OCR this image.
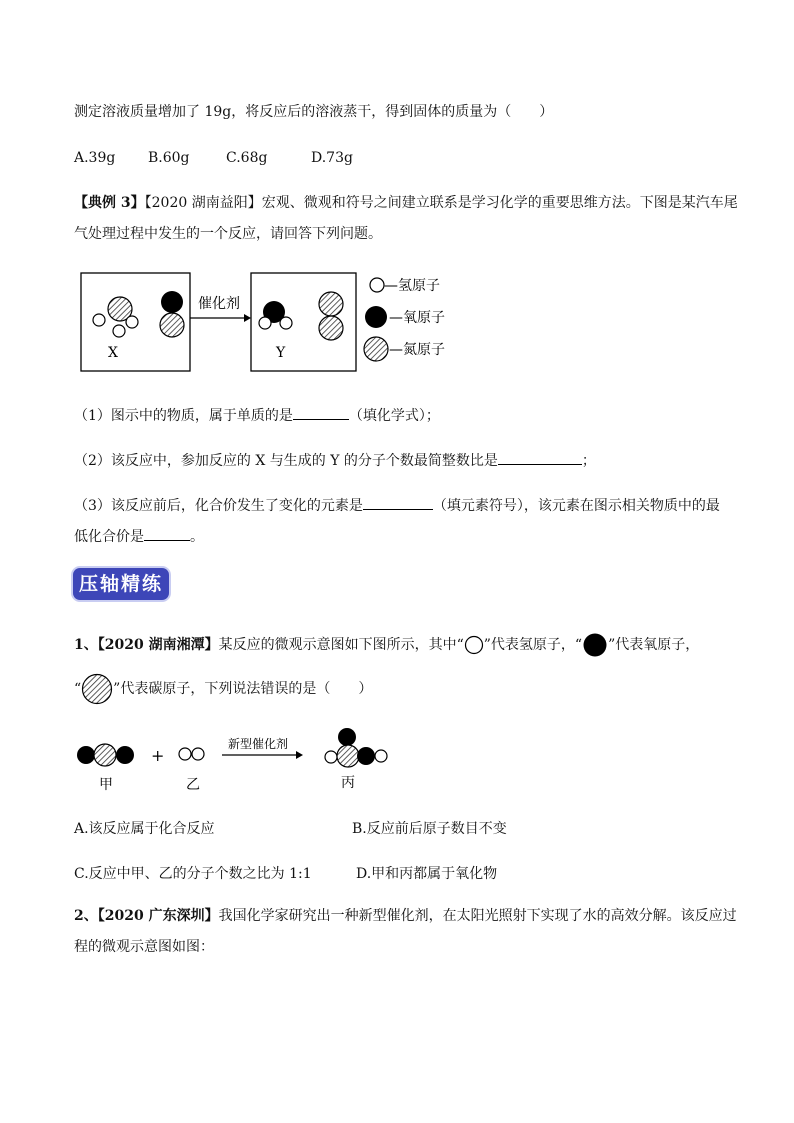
测定溶液质量增加了 19g，将反应后的溶液蒸干，得到固体的质量为（　　）
A.39g B.60g	C.68g	D.73g
【典例 3】【2020 湖南益阳】宏观、微观和符号之间建立联系是学习化学的重要思维方法。下图是某汽车尾
气处理过程中发生的一个反应，请回答下列问题。
X
催化剂
Y
—氢原子
—氧原子
—氮原子
（1）图示中的物质，属于单质的是	（填化学式）；
（2）该反应中，参加反应的 X 与生成的 Y 的分子个数最简整数比是	；
（3）该反应前后，化合价发生了变化的元素是	（填元素符号），该元素在图示相关物质中的最
低化合价是	。
压轴精练
1、【2020 湖南湘潭】某反应的微观示意图如下图所示，其中“ ”代表氢原子，“ ”代表氧原子，
“ ”代表碳原子，下列说法错误的是（　　）
甲
+
乙
新型催化剂
丙
A.该反应属于化合反应	B.反应前后原子数目不变
C.反应中甲、乙的分子个数之比为 1:1	D.甲和丙都属于氧化物
2、【2020 广东深圳】我国化学家研究出一种新型催化剂，在太阳光照射下实现了水的高效分解。该反应过
程的微观示意图如图：
